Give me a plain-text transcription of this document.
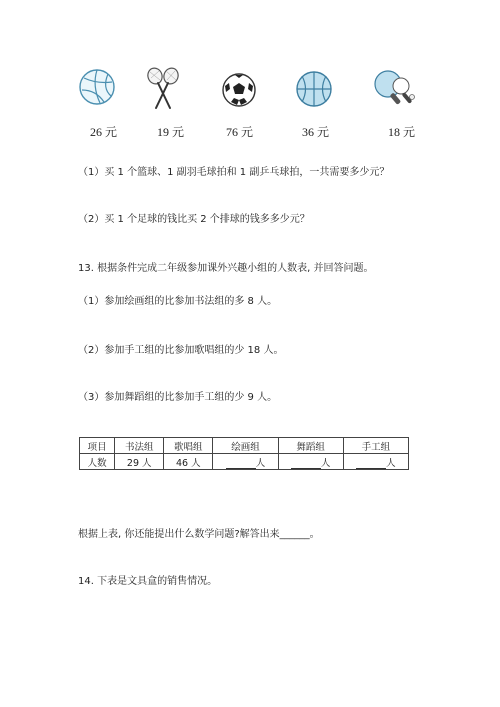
26 元	19 元	76 元	36 元	18 元
（1）买 1 个篮球、1 副羽毛球拍和 1 副乒乓球拍，一共需要多少元？
（2）买 1 个足球的钱比买 2 个排球的钱多多少元？
13. 根据条件完成二年级参加课外兴趣小组的人数表, 并回答问题。
（1）参加绘画组的比参加书法组的多 8 人。
（2）参加手工组的比参加歌唱组的少 18 人。
（3）参加舞蹈组的比参加手工组的少 9 人。
项目	书法组	歌唱组	绘画组	舞蹈组	手工组
人数	29 人	46 人	人	人	人
根据上表, 你还能提出什么数学问题?解答出来______。
14. 下表是文具盒的销售情况。
